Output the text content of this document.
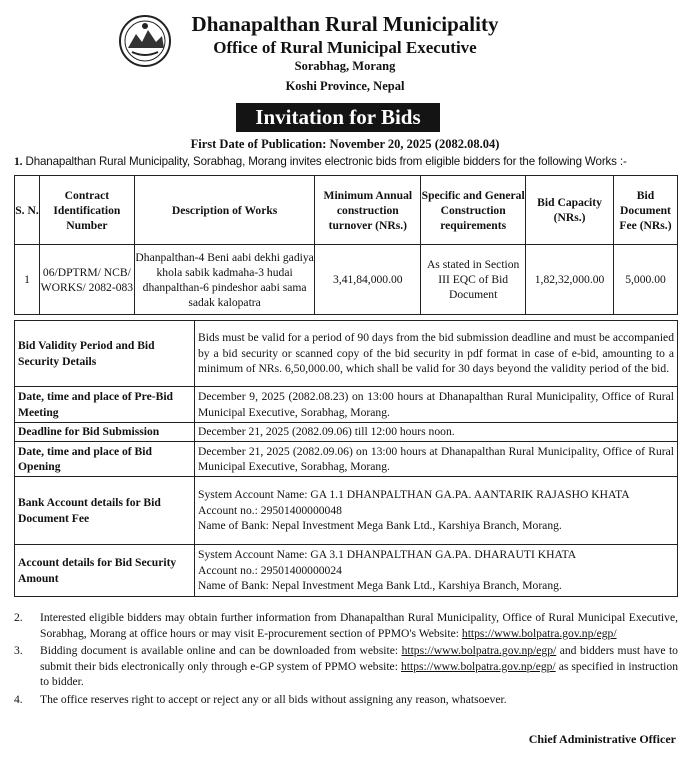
Dhanapalthan Rural Municipality
Office of Rural Municipal Executive
Sorabhag, Morang
Koshi Province, Nepal
Invitation for Bids
First Date of Publication: November 20, 2025 (2082.08.04)
1. Dhanapalthan Rural Municipality, Sorabhag, Morang invites electronic bids from eligible bidders for the following Works :-
S. N.	Contract Identification Number	Description of Works	Minimum Annual construction turnover (NRs.)	Specific and General Construction requirements	Bid Capacity (NRs.)	Bid Document Fee (NRs.)
1	06/DPTRM/ NCB/ WORKS/ 2082-083	Dhanpalthan-4 Beni aabi dekhi gadiya khola sabik kadmaha-3 hudai dhanpalthan-6 pindeshor aabi sama sadak kalopatra	3,41,84,000.00	As stated in Section III EQC of Bid Document	1,82,32,000.00	5,000.00
Bid Validity Period and Bid Security Details	Bids must be valid for a period of 90 days from the bid submission deadline and must be accompanied by a bid security or scanned copy of the bid security in pdf format in case of e-bid, amounting to a minimum of NRs. 6,50,000.00, which shall be valid for 30 days beyond the validity period of the bid.
Date, time and place of Pre-Bid Meeting	December 9, 2025 (2082.08.23) on 13:00 hours at Dhanapalthan Rural Municipality, Office of Rural Municipal Executive, Sorabhag, Morang.
Deadline for Bid Submission	December 21, 2025 (2082.09.06) till 12:00 hours noon.
Date, time and place of Bid Opening	December 21, 2025 (2082.09.06) on 13:00 hours at Dhanapalthan Rural Municipality, Office of Rural Municipal Executive, Sorabhag, Morang.
Bank Account details for Bid Document Fee	System Account Name: GA 1.1 DHANPALTHAN GA.PA. AANTARIK RAJASHO KHATA
Account no.: 29501400000048
Name of Bank: Nepal Investment Mega Bank Ltd., Karshiya Branch, Morang.

Account details for Bid Security Amount	System Account Name: GA 3.1 DHANPALTHAN GA.PA. DHARAUTI KHATA
Account no.: 29501400000024
Name of Bank: Nepal Investment Mega Bank Ltd., Karshiya Branch, Morang.
2.	Interested eligible bidders may obtain further information from Dhanapalthan Rural Municipality, Office of Rural Municipal Executive, Sorabhag, Morang at office hours or may visit E-procurement section of PPMO's Website: https://www.bolpatra.gov.np/egp/
3.	Bidding document is available online and can be downloaded from website: https://www.bolpatra.gov.np/egp/ and bidders must have to submit their bids electronically only through e-GP system of PPMO website: https://www.bolpatra.gov.np/egp/ as specified in instruction to bidder.
4.	The office reserves right to accept or reject any or all bids without assigning any reason, whatsoever.
Chief Administrative Officer
